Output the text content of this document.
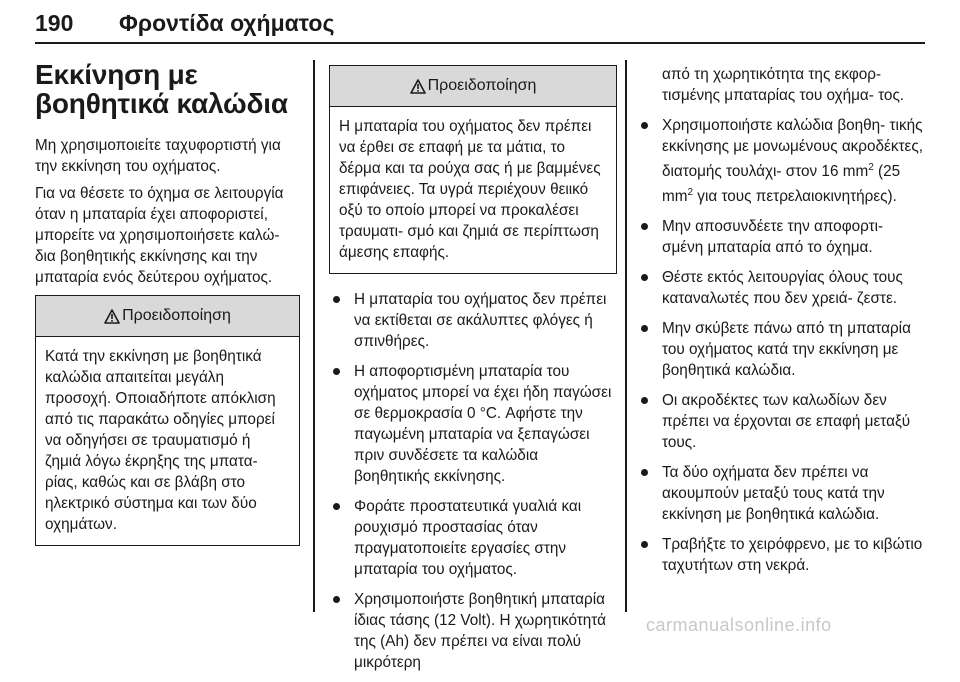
190 Φροντίδα οχήματος
Εκκίνηση με βοηθητικά καλώδια

Μη χρησιμοποιείτε ταχυφορτιστή για την εκκίνηση του οχήματος.

Για να θέσετε το όχημα σε λειτουργία όταν η μπαταρία έχει αποφοριστεί, μπορείτε να χρησιμοποιήσετε καλώ- δια βοηθητικής εκκίνησης και την μπαταρία ενός δεύτερου οχήματος.

Προειδοποίηση
Κατά την εκκίνηση με βοηθητικά καλώδια απαιτείται μεγάλη προσοχή. Οποιαδήποτε απόκλιση από τις παρακάτω οδηγίες μπορεί να οδηγήσει σε τραυματισμό ή ζημιά λόγω έκρηξης της μπατα- ρίας, καθώς και σε βλάβη στο ηλεκτρικό σύστημα και των δύο οχημάτων.
Προειδοποίηση
Η μπαταρία του οχήματος δεν πρέπει να έρθει σε επαφή με τα μάτια, το δέρμα και τα ρούχα σας ή με βαμμένες επιφάνειες. Τα υγρά περιέχουν θειικό οξύ το οποίο μπορεί να προκαλέσει τραυματι- σμό και ζημιά σε περίπτωση άμεσης επαφής.
Η μπαταρία του οχήματος δεν πρέπει να εκτίθεται σε ακάλυπτες φλόγες ή σπινθήρες.
Η αποφορτισμένη μπαταρία του οχήματος μπορεί να έχει ήδη παγώσει σε θερμοκρασία 0 °C. Αφήστε την παγωμένη μπαταρία να ξεπαγώσει πριν συνδέσετε τα καλώδια βοηθητικής εκκίνησης.
Φοράτε προστατευτικά γυαλιά και ρουχισμό προστασίας όταν πραγματοποιείτε εργασίες στην μπαταρία του οχήματος.
Χρησιμοποιήστε βοηθητική μπαταρία ίδιας τάσης (12 Volt). Η χωρητικότητά της (Ah) δεν πρέπει να είναι πολύ μικρότερη
από τη χωρητικότητα της εκφορ- τισμένης μπαταρίας του οχήμα- τος.
Χρησιμοποιήστε καλώδια βοηθη- τικής εκκίνησης με μονωμένους ακροδέκτες, διατομής τουλάχι- στον 16 $mm^2$ (25 $mm^2$ για τους πετρελαιοκινητήρες).
Μην αποσυνδέετε την αποφορτι- σμένη μπαταρία από το όχημα.
Θέστε εκτός λειτουργίας όλους τους καταναλωτές που δεν χρειά- ζεστε.
Μην σκύβετε πάνω από τη μπαταρία του οχήματος κατά την εκκίνηση με βοηθητικά καλώδια.
Οι ακροδέκτες των καλωδίων δεν πρέπει να έρχονται σε επαφή μεταξύ τους.
Τα δύο οχήματα δεν πρέπει να ακουμπούν μεταξύ τους κατά την εκκίνηση με βοηθητικά καλώδια.
Τραβήξτε το χειρόφρενο, με το κιβώτιο ταχυτήτων στη νεκρά.
carmanualsonline.info
